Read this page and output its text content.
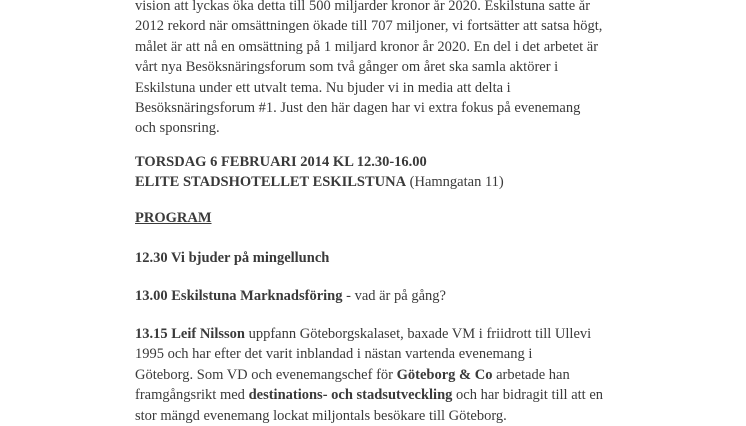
vision att lyckas öka detta till 500 miljarder kronor år 2020. Eskilstuna satte år
2012 rekord när omsättningen ökade till 707 miljoner, vi fortsätter att satsa högt,
målet är att nå en omsättning på 1 miljard kronor år 2020. En del i det arbetet är
vårt nya Besöksnäringsforum som två gånger om året ska samla aktörer i
Eskilstuna under ett utvalt tema. Nu bjuder vi in media att delta i
Besöksnäringsforum #1. Just den här dagen har vi extra fokus på evenemang
och sponsring.
TORSDAG 6 FEBRUARI 2014 KL 12.30-16.00
ELITE STADSHOTELLET ESKILSTUNA (Hamngatan 11)
PROGRAM
12.30 Vi bjuder på mingellunch
13.00 Eskilstuna Marknadsföring - vad är på gång?
13.15 Leif Nilsson uppfann Göteborgskalaset, baxade VM i friidrott till Ullevi
1995 och har efter det varit inblandad i nästan vartenda evenemang i
Göteborg. Som VD och evenemangschef för Göteborg & Co arbetade han
framgångsrikt med destinations- och stadsutveckling och har bidragit till att en
stor mängd evenemang lockat miljontals besökare till Göteborg.
